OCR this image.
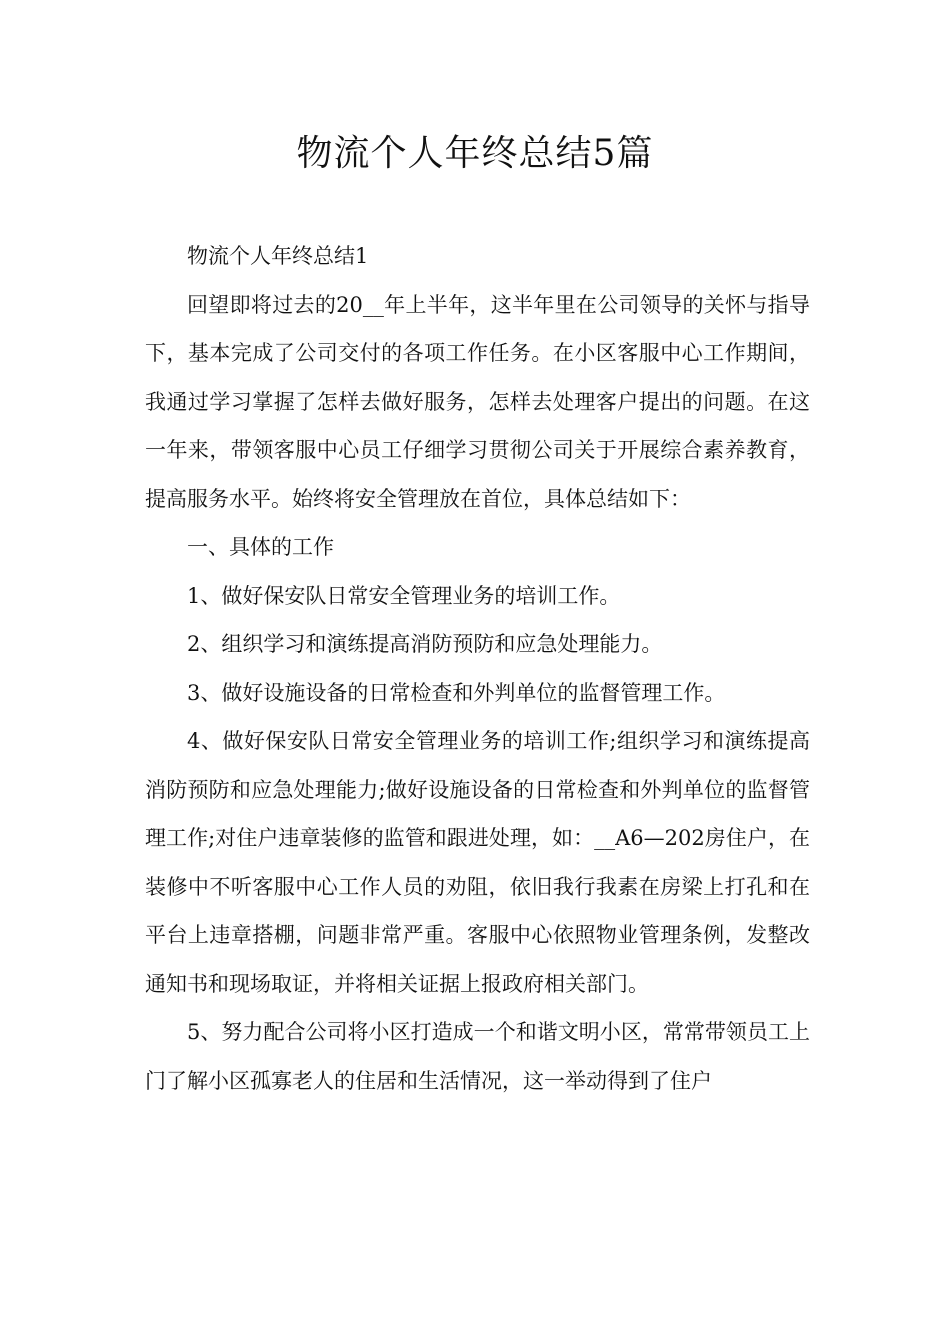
物流个人年终总结5篇

物流个人年终总结1

回望即将过去的20__年上半年，这半年里在公司领导的关怀与指导下，基本完成了公司交付的各项工作任务。在小区客服中心工作期间，我通过学习掌握了怎样去做好服务，怎样去处理客户提出的问题。在这一年来，带领客服中心员工仔细学习贯彻公司关于开展综合素养教育，提高服务水平。始终将安全管理放在首位，具体总结如下：

一、具体的工作

1、做好保安队日常安全管理业务的培训工作。

2、组织学习和演练提高消防预防和应急处理能力。

3、做好设施设备的日常检查和外判单位的监督管理工作。

4、做好保安队日常安全管理业务的培训工作;组织学习和演练提高消防预防和应急处理能力;做好设施设备的日常检查和外判单位的监督管理工作;对住户违章装修的监管和跟进处理，如：__A6—202房住户，在装修中不听客服中心工作人员的劝阻，依旧我行我素在房梁上打孔和在平台上违章搭棚，问题非常严重。客服中心依照物业管理条例，发整改通知书和现场取证，并将相关证据上报政府相关部门。

5、努力配合公司将小区打造成一个和谐文明小区，常常带领员工上门了解小区孤寡老人的住居和生活情况，这一举动得到了住户
